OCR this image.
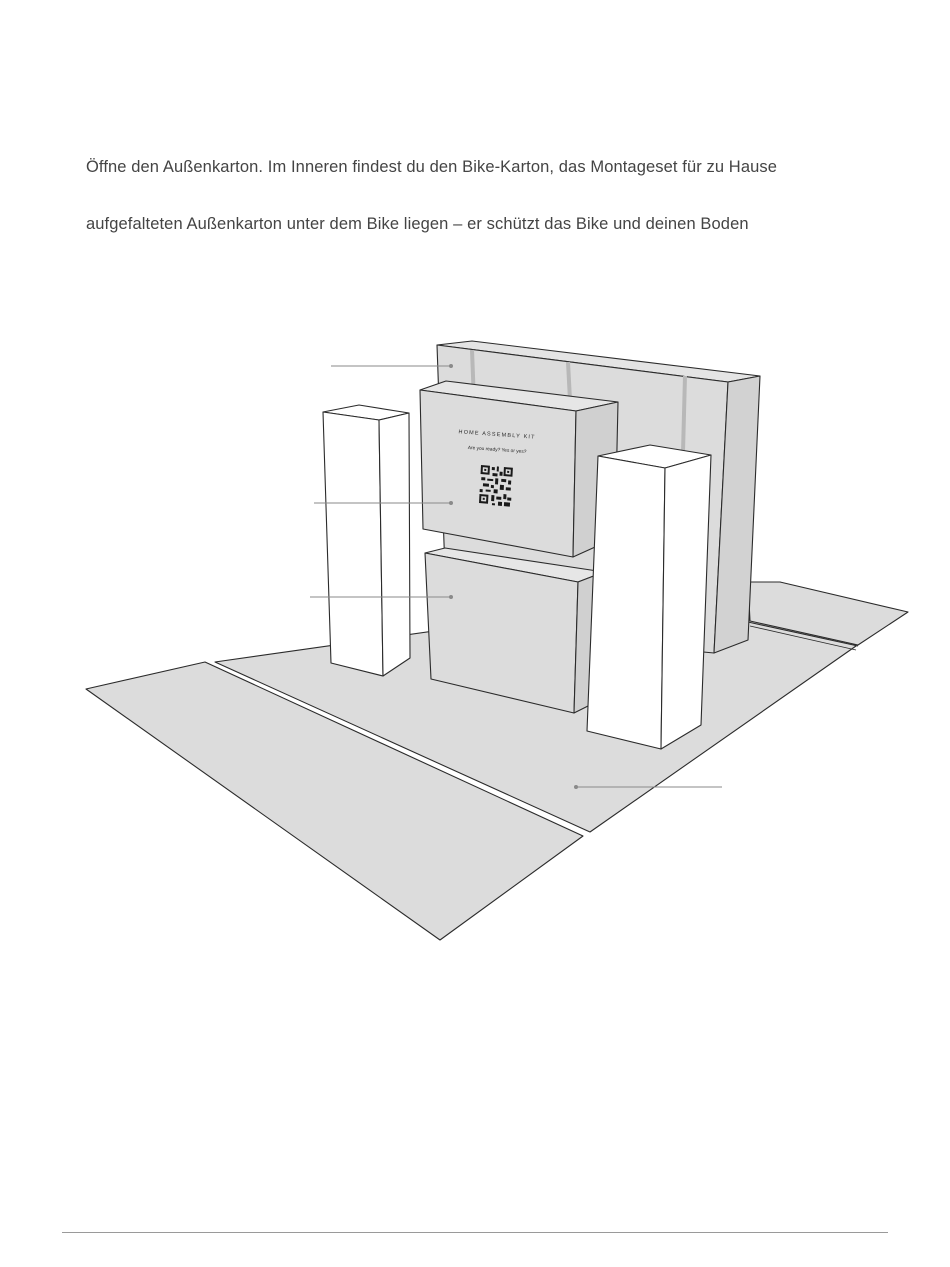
Öffne den Außenkarton. Im Inneren findest du den Bike-Karton, das Montageset für zu Hause
aufgefalteten Außenkarton unter dem Bike liegen – er schützt das Bike und deinen Boden
HOME ASSEMBLY KIT
Are you ready? Yes or yes?
